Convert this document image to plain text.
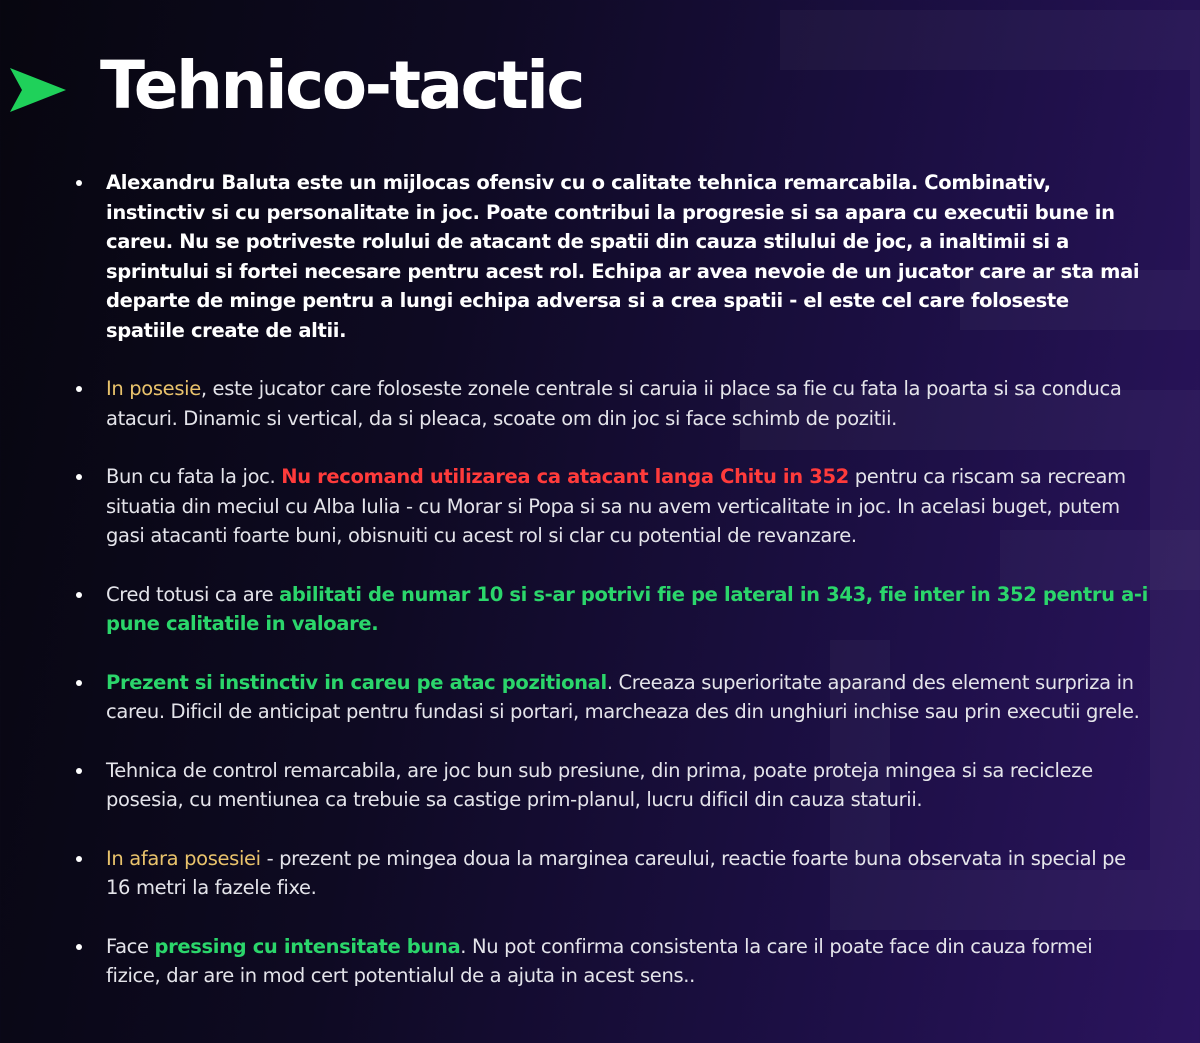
Tehnico-tactic
Alexandru Baluta este un mijlocas ofensiv cu o calitate tehnica remarcabila. Combinativ, instinctiv si cu personalitate in joc. Poate contribui la progresie si sa apara cu executii bune in careu. Nu se potriveste rolului de atacant de spatii din cauza stilului de joc, a inaltimii si a sprintului si fortei necesare pentru acest rol. Echipa ar avea nevoie de un jucator care ar sta mai departe de minge pentru a lungi echipa adversa si a crea spatii - el este cel care foloseste spatiile create de altii.
In posesie, este jucator care foloseste zonele centrale si caruia ii place sa fie cu fata la poarta si sa conduca atacuri. Dinamic si vertical, da si pleaca, scoate om din joc si face schimb de pozitii.
Bun cu fata la joc. Nu recomand utilizarea ca atacant langa Chitu in 352 pentru ca riscam sa recream situatia din meciul cu Alba Iulia - cu Morar si Popa si sa nu avem verticalitate in joc. In acelasi buget, putem gasi atacanti foarte buni, obisnuiti cu acest rol si clar cu potential de revanzare.
Cred totusi ca are abilitati de numar 10 si s-ar potrivi fie pe lateral in 343, fie inter in 352 pentru a-i pune calitatile in valoare.
Prezent si instinctiv in careu pe atac pozitional. Creeaza superioritate aparand des element surpriza in careu. Dificil de anticipat pentru fundasi si portari, marcheaza des din unghiuri inchise sau prin executii grele.
Tehnica de control remarcabila, are joc bun sub presiune, din prima, poate proteja mingea si sa recicleze posesia, cu mentiunea ca trebuie sa castige prim-planul, lucru dificil din cauza staturii.
In afara posesiei - prezent pe mingea doua la marginea careului, reactie foarte buna observata in special pe 16 metri la fazele fixe.
Face pressing cu intensitate buna. Nu pot confirma consistenta la care il poate face din cauza formei fizice, dar are in mod cert potentialul de a ajuta in acest sens..
